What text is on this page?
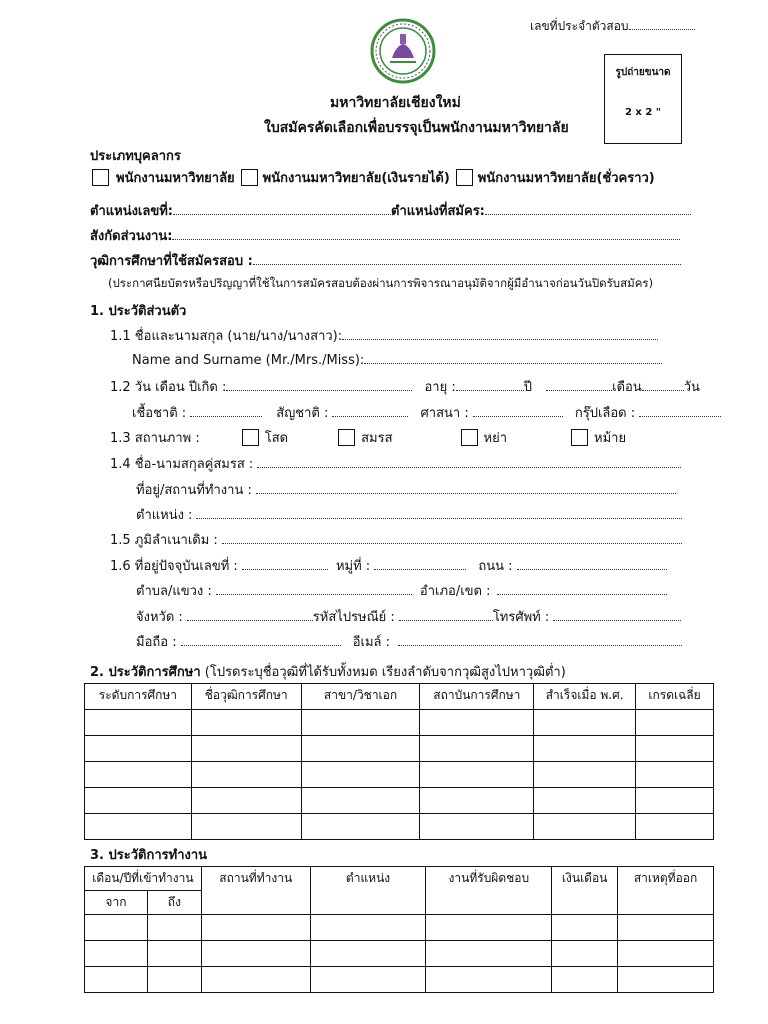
เลขที่ประจำตัวสอบ
รูปถ่ายขนาด
2 x 2 "
มหาวิทยาลัยเชียงใหม่
ใบสมัครคัดเลือกเพื่อบรรจุเป็นพนักงานมหาวิทยาลัย
ประเภทบุคลากร
พนักงานมหาวิทยาลัย พนักงานมหาวิทยาลัย(เงินรายได้) พนักงานมหาวิทยาลัย(ชั่วคราว)
ตำแหน่งเลขที่:	ตำแหน่งที่สมัคร:
สังกัดส่วนงาน:
วุฒิการศึกษาที่ใช้สมัครสอบ :
(ประกาศนียบัตรหรือปริญญาที่ใช้ในการสมัครสอบต้องผ่านการพิจารณาอนุมัติจากผู้มีอำนาจก่อนวันปิดรับสมัคร)
1. ประวัติส่วนตัว
1.1 ชื่อและนามสกุล (นาย/นาง/นางสาว):
Name and Surname (Mr./Mrs./Miss):
1.2 วัน เดือน ปีเกิด :	อายุ :	ปี	เดือน	วัน
เชื้อชาติ :	สัญชาติ :	ศาสนา :	กรุ๊ปเลือด :
1.3 สถานภาพ :	โสด	สมรส	หย่า	หม้าย
1.4 ชื่อ-นามสกุลคู่สมรส :
ที่อยู่/สถานที่ทำงาน :
ตำแหน่ง :
1.5 ภูมิลำเนาเดิม :
1.6 ที่อยู่ปัจจุบันเลขที่ :	หมู่ที่ :	ถนน :
ตำบล/แขวง :	อำเภอ/เขต :
จังหวัด :	รหัสไปรษณีย์ :	โทรศัพท์ :
มือถือ :	อีเมล์ :
2. ประวัติการศึกษา (โปรดระบุชื่อวุฒิที่ได้รับทั้งหมด เรียงลำดับจากวุฒิสูงไปหาวุฒิต่ำ)
ระดับการศึกษา	ชื่อวุฒิการศึกษา	สาขา/วิชาเอก	สถาบันการศึกษา	สำเร็จเมื่อ พ.ศ.	เกรดเฉลี่ย

3. ประวัติการทำงาน
เดือน/ปีที่เข้าทำงาน		สถานที่ทำงาน	ตำแหน่ง	งานที่รับผิดชอบ	เงินเดือน	สาเหตุที่ออก
จาก	ถึง					
